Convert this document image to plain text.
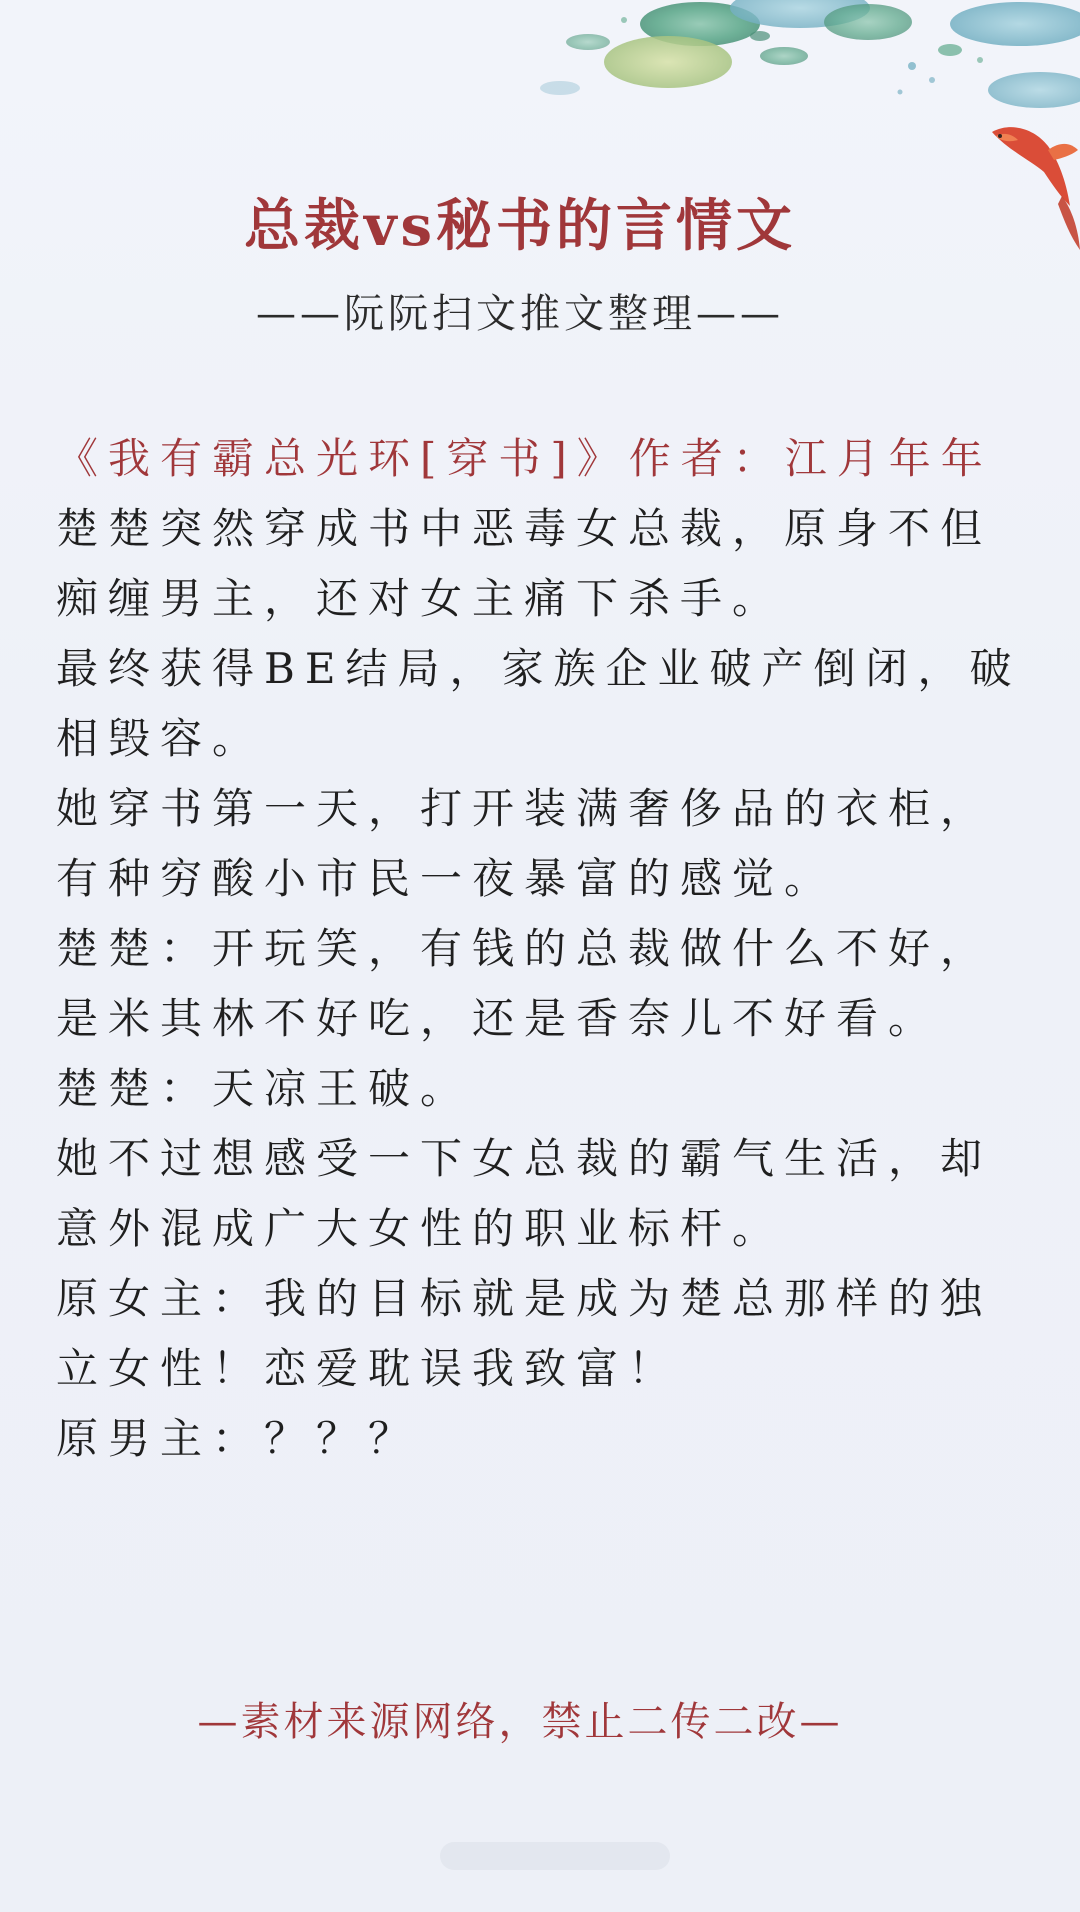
总裁vs秘书的言情文
——阮阮扫文推文整理——

《我有霸总光环[穿书]》作者：江月年年

楚楚突然穿成书中恶毒女总裁，原身不但痴缠男主，还对女主痛下杀手。

最终获得BE结局，家族企业破产倒闭，破相毁容。

她穿书第一天，打开装满奢侈品的衣柜，有种穷酸小市民一夜暴富的感觉。

楚楚：开玩笑，有钱的总裁做什么不好，是米其林不好吃，还是香奈儿不好看。

楚楚：天凉王破。

她不过想感受一下女总裁的霸气生活，却意外混成广大女性的职业标杆。

原女主：我的目标就是成为楚总那样的独立女性！恋爱耽误我致富！

原男主：？？？

—素材来源网络，禁止二传二改—
